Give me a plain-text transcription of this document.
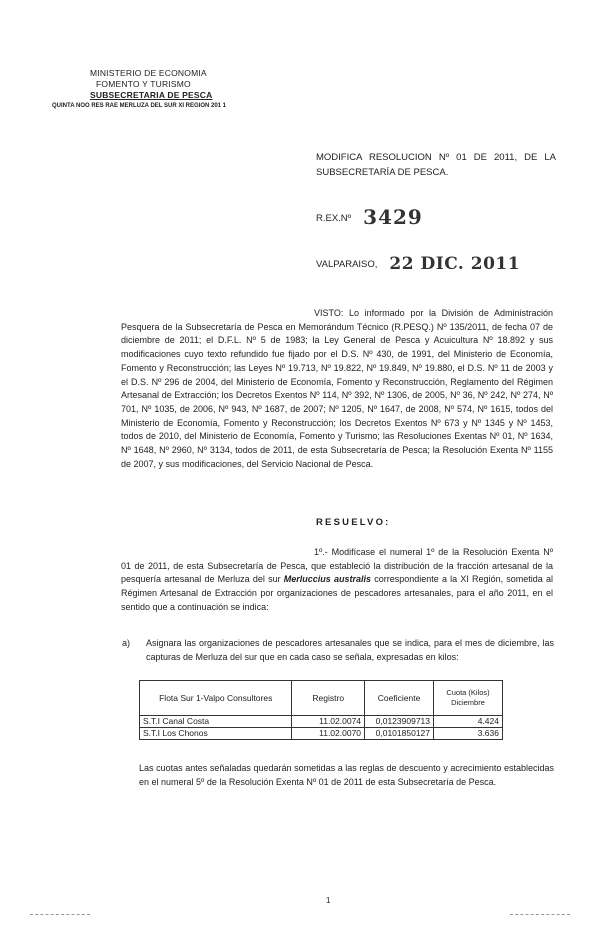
MINISTERIO DE ECONOMIA
FOMENTO Y TURISMO
SUBSECRETARIA DE PESCA
QUINTA NOO RES RAE MERLUZA DEL SUR XI REGION 201 1
MODIFICA RESOLUCION Nº 01 DE 2011, DE LA SUBSECRETARÍA DE PESCA.
R.EX.Nº 3429
VALPARAISO, 22 DIC. 2011
VISTO: Lo informado por la División de Administración Pesquera de la Subsecretaría de Pesca en Memorándum Técnico (R.PESQ.) Nº 135/2011, de fecha 07 de diciembre de 2011; el D.F.L. Nº 5 de 1983; la Ley General de Pesca y Acuicultura Nº 18.892 y sus modificaciones cuyo texto refundido fue fijado por el D.S. Nº 430, de 1991, del Ministerio de Economía, Fomento y Reconstrucción; las Leyes Nº 19.713, Nº 19.822, Nº 19.849, Nº 19.880, el D.S. Nº 11 de 2003 y el D.S. Nº 296 de 2004, del Ministerio de Economía, Fomento y Reconstrucción, Reglamento del Régimen Artesanal de Extracción; los Decretos Exentos Nº 114, Nº 392, Nº 1306, de 2005, Nº 36, Nº 242, Nº 274, Nº 701, Nº 1035, de 2006, Nº 943, Nº 1687, de 2007; Nº 1205, Nº 1647, de 2008, Nº 574, Nº 1615, todos del Ministerio de Economía, Fomento y Reconstrucción; los Decretos Exentos Nº 673 y Nº 1345 y Nº 1453, todos de 2010, del Ministerio de Economía, Fomento y Turismo; las Resoluciones Exentas Nº 01, Nº 1634, Nº 1648, Nº 2960, Nº 3134, todos de 2011, de esta Subsecretaría de Pesca; la Resolución Exenta Nº 1155 de 2007, y sus modificaciones, del Servicio Nacional de Pesca.
RESUELVO:
1º.- Modifícase el numeral 1º de la Resolución Exenta Nº 01 de 2011, de esta Subsecretaría de Pesca, que estableció la distribución de la fracción artesanal de la pesquería artesanal de Merluza del sur Merluccius australis correspondiente a la XI Región, sometida al Régimen Artesanal de Extracción por organizaciones de pescadores artesanales, para el año 2011, en el sentido que a continuación se indica:
a) Asignara las organizaciones de pescadores artesanales que se indica, para el mes de diciembre, las capturas de Merluza del sur que en cada caso se señala, expresadas en kilos:
Flota Sur 1-Valpo Consultores	Registro	Coeficiente	Cuota (Kilos) Diciembre
S.T.I Canal Costa	11.02.0074	0,0123909713	4.424
S.T.I Los Chonos	11.02.0070	0,0101850127	3.636
Las cuotas antes señaladas quedarán sometidas a las reglas de descuento y acrecimiento establecidas en el numeral 5º de la Resolución Exenta Nº 01 de 2011 de esta Subsecretaría de Pesca.
1
